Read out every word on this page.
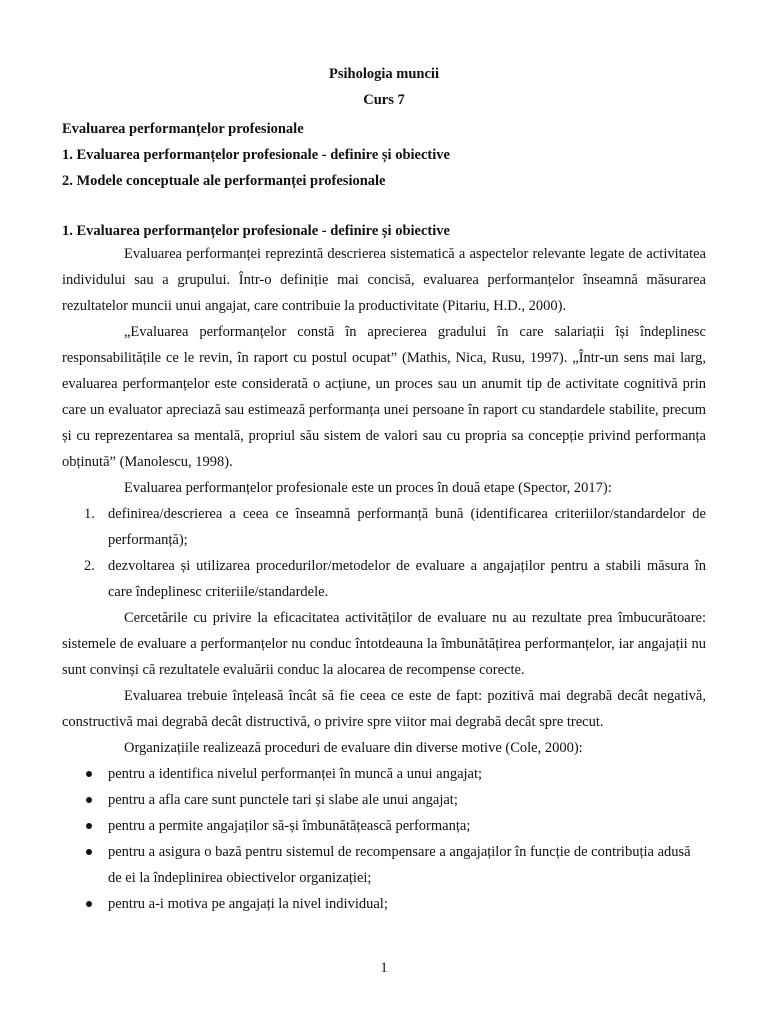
Psihologia muncii
Curs 7
Evaluarea performanțelor profesionale
1. Evaluarea performanțelor profesionale - definire și obiective
2. Modele conceptuale ale performanței profesionale
1. Evaluarea performanțelor profesionale - definire și obiective

Evaluarea performanței reprezintă descrierea sistematică a aspectelor relevante legate de activitatea individului sau a grupului. Într-o definiție mai concisă, evaluarea performanțelor înseamnă măsurarea rezultatelor muncii unui angajat, care contribuie la productivitate (Pitariu, H.D., 2000).

„Evaluarea performanțelor constă în aprecierea gradului în care salariații își îndeplinesc responsabilitățile ce le revin, în raport cu postul ocupat” (Mathis, Nica, Rusu, 1997). „Într-un sens mai larg, evaluarea performanțelor este considerată o acțiune, un proces sau un anumit tip de activitate cognitivă prin care un evaluator apreciază sau estimează performanța unei persoane în raport cu standardele stabilite, precum și cu reprezentarea sa mentală, propriul său sistem de valori sau cu propria sa concepție privind performanța obținută” (Manolescu, 1998).

Evaluarea performanțelor profesionale este un proces în două etape (Spector, 2017):

1. definirea/descrierea a ceea ce înseamnă performanță bună (identificarea criteriilor/standardelor de performanță);
2. dezvoltarea și utilizarea procedurilor/metodelor de evaluare a angajaților pentru a stabili măsura în care îndeplinesc criteriile/standardele.

Cercetările cu privire la eficacitatea activităților de evaluare nu au rezultate prea îmbucurătoare: sistemele de evaluare a performanțelor nu conduc întotdeauna la îmbunătățirea performanțelor, iar angajații nu sunt convinși că rezultatele evaluării conduc la alocarea de recompense corecte.

Evaluarea trebuie înțeleasă încât să fie ceea ce este de fapt: pozitivă mai degrabă decât negativă, constructivă mai degrabă decât distructivă, o privire spre viitor mai degrabă decât spre trecut.

Organizațiile realizează proceduri de evaluare din diverse motive (Cole, 2000):

pentru a identifica nivelul performanței în muncă a unui angajat;
pentru a afla care sunt punctele tari și slabe ale unui angajat;
pentru a permite angajaților să-și îmbunătățească performanța;
pentru a asigura o bază pentru sistemul de recompensare a angajaților în funcție de contribuția adusă de ei la îndeplinirea obiectivelor organizației;
pentru a-i motiva pe angajați la nivel individual;
1
